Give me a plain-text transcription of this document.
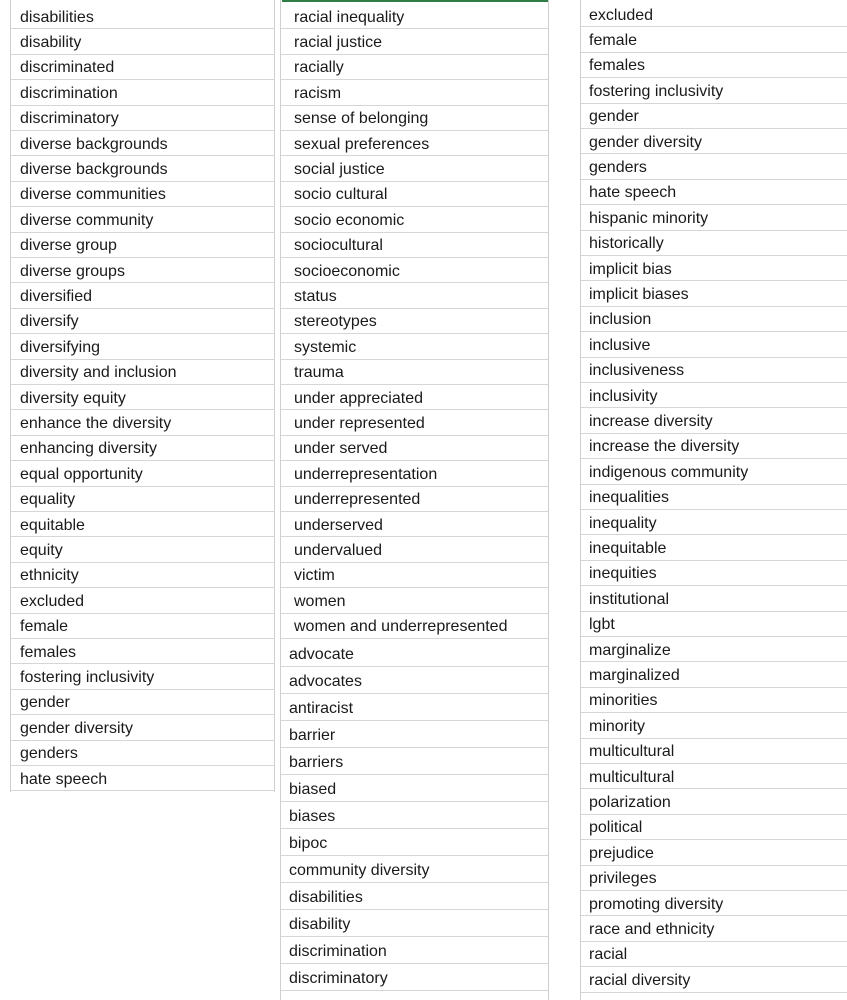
disabilities
disability
discriminated
discrimination
discriminatory
diverse backgrounds
diverse backgrounds
diverse communities
diverse community
diverse group
diverse groups
diversified
diversify
diversifying
diversity and inclusion
diversity equity
enhance the diversity
enhancing diversity
equal opportunity
equality
equitable
equity
ethnicity
excluded
female
females
fostering inclusivity
gender
gender diversity
genders
hate speech
racial inequality
racial justice
racially
racism
sense of belonging
sexual preferences
social justice
socio cultural
socio economic
sociocultural
socioeconomic
status
stereotypes
systemic
trauma
under appreciated
under represented
under served
underrepresentation
underrepresented
underserved
undervalued
victim
women
women and underrepresented
advocate
advocates
antiracist
barrier
barriers
biased
biases
bipoc
community diversity
disabilities
disability
discrimination
discriminatory
excluded
female
females
fostering inclusivity
gender
gender diversity
genders
hate speech
hispanic minority
historically
implicit bias
implicit biases
inclusion
inclusive
inclusiveness
inclusivity
increase diversity
increase the diversity
indigenous community
inequalities
inequality
inequitable
inequities
institutional
lgbt
marginalize
marginalized
minorities
minority
multicultural
multicultural
polarization
political
prejudice
privileges
promoting diversity
race and ethnicity
racial
racial diversity
